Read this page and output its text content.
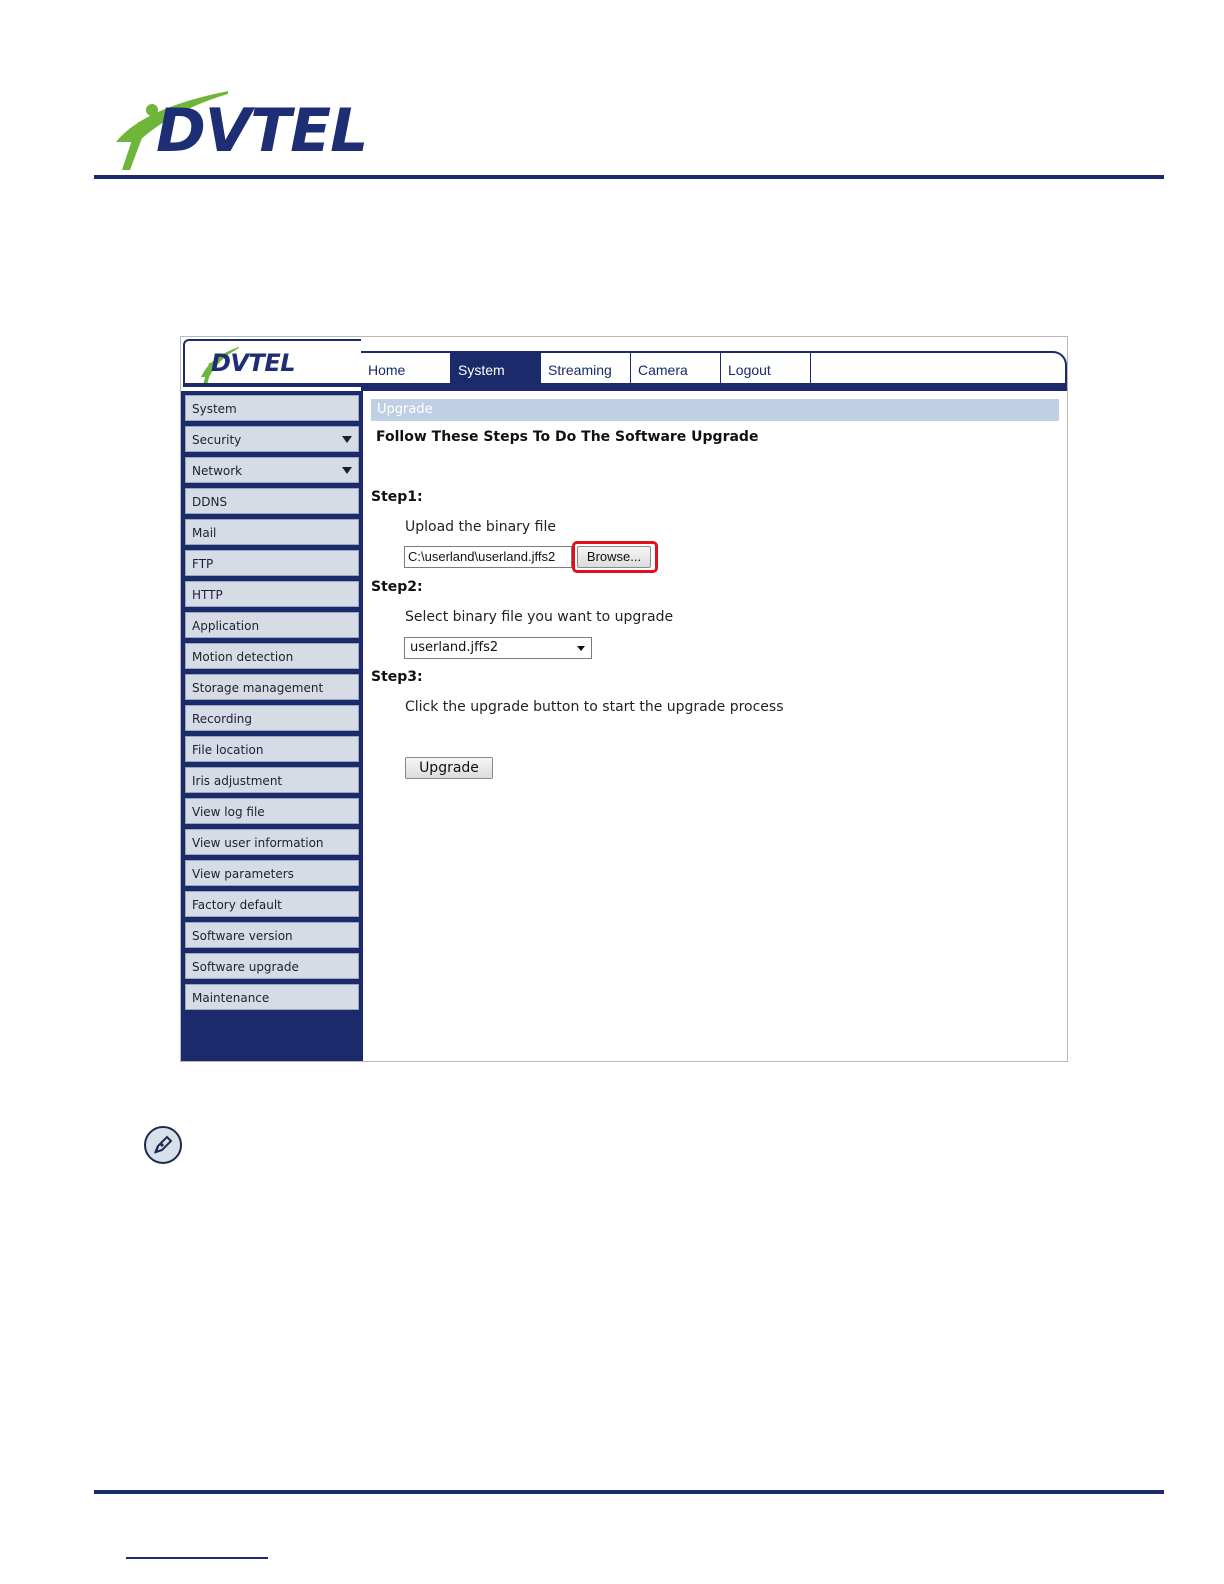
DVTEL
DVTEL	Home	System	Streaming	Camera	Logout
System
Security
Network
DDNS
Mail
FTP
HTTP
Application
Motion detection
Storage management
Recording
File location
Iris adjustment
View log file
View user information
View parameters
Factory default
Software version
Software upgrade
Maintenance
Upgrade
Follow These Steps To Do The Software Upgrade
Step1:
Upload the binary file
C:\userland\userland.jffs2	Browse...
Step2:
Select binary file you want to upgrade
userland.jffs2
Step3:
Click the upgrade button to start the upgrade process
Upgrade
